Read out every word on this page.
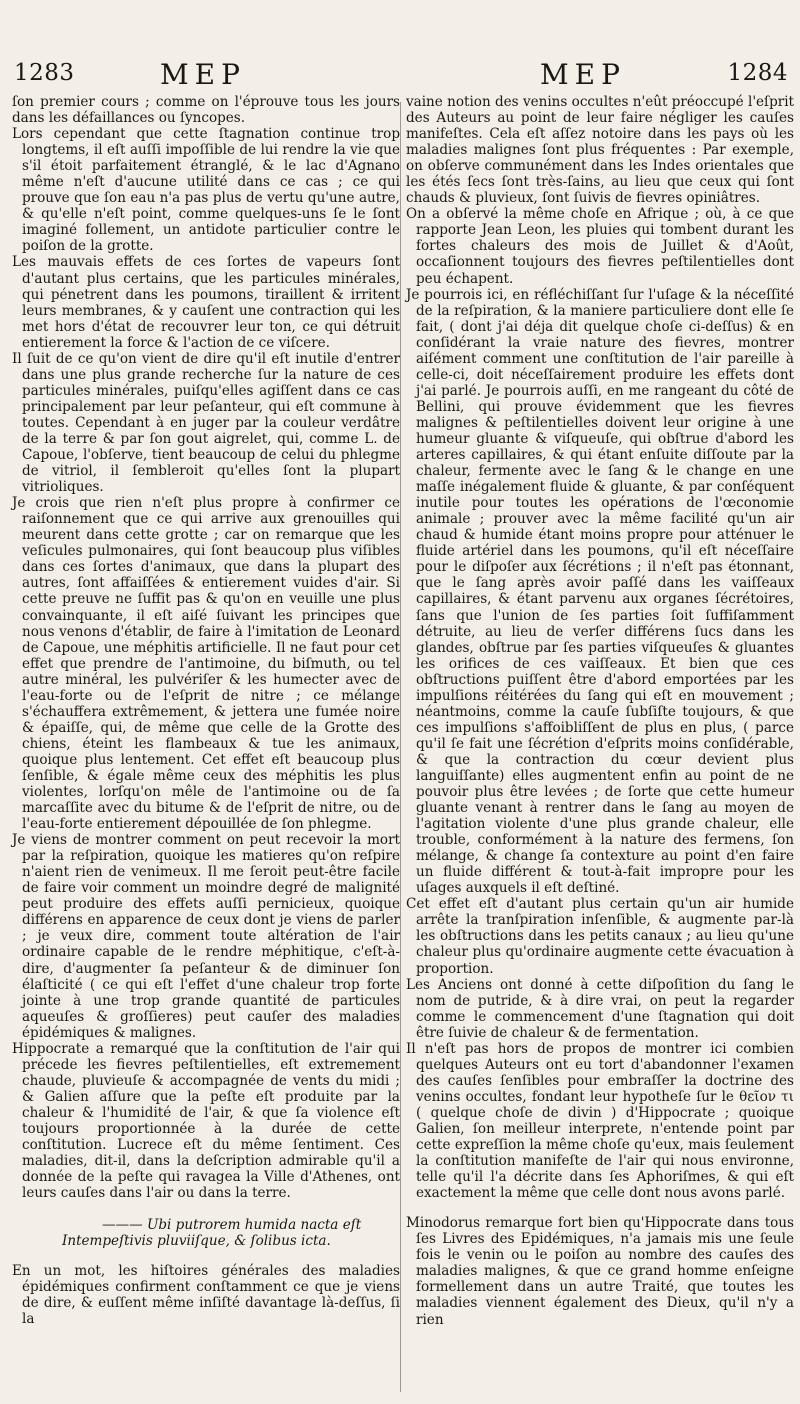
1283	MEP	MEP	1284

ſon premier cours ; comme on l'éprouve tous les jours dans les défaillances ou ſyncopes.

Lors cependant que cette ſtagnation continue trop longtems, il eſt auſſi impoſſible de lui rendre la vie que s'il étoit parfaitement étranglé, & le lac d'Agnano même n'eſt d'aucune utilité dans ce cas ; ce qui prouve que ſon eau n'a pas plus de vertu qu'une autre, & qu'elle n'eſt point, comme quelques-uns ſe le ſont imaginé follement, un antidote particulier contre le poiſon de la grotte.

Les mauvais effets de ces ſortes de vapeurs ſont d'autant plus certains, que les particules minérales, qui pénetrent dans les poumons, tiraillent & irritent leurs membranes, & y cauſent une contraction qui les met hors d'état de recouvrer leur ton, ce qui détruit entierement la force & l'action de ce viſcere.

Il ſuit de ce qu'on vient de dire qu'il eſt inutile d'entrer dans une plus grande recherche ſur la nature de ces particules minérales, puiſqu'elles agiſſent dans ce cas principalement par leur peſanteur, qui eſt commune à toutes. Cependant à en juger par la couleur verdâtre de la terre & par ſon gout aigrelet, qui, comme L. de Capoue, l'obſerve, tient beaucoup de celui du phlegme de vitriol, il ſembleroit qu'elles ſont la plupart vitrioliques.

Je crois que rien n'eſt plus propre à confirmer ce raiſonnement que ce qui arrive aux grenouilles qui meurent dans cette grotte ; car on remarque que les veſicules pulmonaires, qui ſont beaucoup plus viſibles dans ces ſortes d'animaux, que dans la plupart des autres, ſont affaiſſées & entierement vuides d'air. Si cette preuve ne ſuffit pas & qu'on en veuille une plus convainquante, il eſt aiſé ſuivant les principes que nous venons d'établir, de faire à l'imitation de Leonard de Capoue, une méphitis artificielle. Il ne faut pour cet effet que prendre de l'antimoine, du biſmuth, ou tel autre minéral, les pulvériſer & les humecter avec de l'eau-forte ou de l'eſprit de nitre ; ce mélange s'échauffera extrêmement, & jettera une fumée noire & épaiſſe, qui, de même que celle de la Grotte des chiens, éteint les flambeaux & tue les animaux, quoique plus lentement. Cet effet eſt beaucoup plus ſenſible, & égale même ceux des méphitis les plus violentes, lorſqu'on mêle de l'antimoine ou de ſa marcaſſite avec du bitume & de l'eſprit de nitre, ou de l'eau-forte entierement dépouillée de ſon phlegme.

Je viens de montrer comment on peut recevoir la mort par la reſpiration, quoique les matieres qu'on reſpire n'aient rien de venimeux. Il me ſeroit peut-être facile de faire voir comment un moindre degré de malignité peut produire des effets auſſi pernicieux, quoique différens en apparence de ceux dont je viens de parler ; je veux dire, comment toute altération de l'air ordinaire capable de le rendre méphitique, c'eſt-à-dire, d'augmenter ſa peſanteur & de diminuer ſon élaſticité ( ce qui eſt l'effet d'une chaleur trop forte jointe à une trop grande quantité de particules aqueuſes & groſſieres) peut cauſer des maladies épidémiques & malignes.

Hippocrate a remarqué que la conſtitution de l'air qui précede les fievres peſtilentielles, eſt extremement chaude, pluvieuſe & accompagnée de vents du midi ; & Galien aſſure que la peſte eſt produite par la chaleur & l'humidité de l'air, & que ſa violence eſt toujours proportionnée à la durée de cette conſtitution. Lucrece eſt du même ſentiment. Ces maladies, dit-il, dans la deſcription admirable qu'il a donnée de la peſte qui ravagea la Ville d'Athenes, ont leurs cauſes dans l'air ou dans la terre.

——— Ubi putrorem humida nacta eſt
Intempeſtivis pluviiſque, & ſolibus icta.

En un mot, les hiſtoires générales des maladies épidémiques confirment conſtamment ce que je viens de dire, & euſſent même inſiſté davantage là-deſſus, ſi la

vaine notion des venins occultes n'eût préoccupé l'eſprit des Auteurs au point de leur faire négliger les cauſes manifeſtes. Cela eſt aſſez notoire dans les pays où les maladies malignes ſont plus fréquentes : Par exemple, on obſerve communément dans les Indes orientales que les étés ſecs ſont très-ſains, au lieu que ceux qui ſont chauds & pluvieux, ſont ſuivis de fievres opiniâtres.

On a obſervé la même choſe en Afrique ; où, à ce que rapporte Jean Leon, les pluies qui tombent durant les fortes chaleurs des mois de Juillet & d'Août, occaſionnent toujours des fievres peſtilentielles dont peu échapent.

Je pourrois ici, en réfléchiſſant ſur l'uſage & la néceſſité de la reſpiration, & la maniere particuliere dont elle ſe fait, ( dont j'ai déja dit quelque choſe ci-deſſus) & en conſidérant la vraie nature des fievres, montrer aiſément comment une conſtitution de l'air pareille à celle-ci, doit néceſſairement produire les effets dont j'ai parlé. Je pourrois auſſi, en me rangeant du côté de Bellini, qui prouve évidemment que les fievres malignes & peſtilentielles doivent leur origine à une humeur gluante & viſqueuſe, qui obſtrue d'abord les arteres capillaires, & qui étant enſuite diſſoute par la chaleur, fermente avec le ſang & le change en une maſſe inégalement fluide & gluante, & par conſéquent inutile pour toutes les opérations de l'œconomie animale ; prouver avec la même facilité qu'un air chaud & humide étant moins propre pour atténuer le fluide artériel dans les poumons, qu'il eſt néceſſaire pour le diſpoſer aux ſécrétions ; il n'eſt pas étonnant, que le ſang après avoir paſſé dans les vaiſſeaux capillaires, & étant parvenu aux organes ſécrétoires, ſans que l'union de ſes parties ſoit ſuffiſamment détruite, au lieu de verſer différens ſucs dans les glandes, obſtrue par ſes parties viſqueuſes & gluantes les orifices de ces vaiſſeaux. Et bien que ces obſtructions puiſſent être d'abord emportées par les impulſions réitérées du ſang qui eſt en mouvement ; néantmoins, comme la cauſe ſubſiſte toujours, & que ces impulſions s'affoibliſſent de plus en plus, ( parce qu'il ſe fait une ſécrétion d'eſprits moins conſidérable, & que la contraction du cœur devient plus languiſſante) elles augmentent enfin au point de ne pouvoir plus être levées ; de ſorte que cette humeur gluante venant à rentrer dans le ſang au moyen de l'agitation violente d'une plus grande chaleur, elle trouble, conformément à la nature des fermens, ſon mélange, & change ſa contexture au point d'en faire un fluide différent & tout-à-fait impropre pour les uſages auxquels il eſt deſtiné.

Cet effet eſt d'autant plus certain qu'un air humide arrête la tranſpiration inſenſible, & augmente par-là les obſtructions dans les petits canaux ; au lieu qu'une chaleur plus qu'ordinaire augmente cette évacuation à proportion.

Les Anciens ont donné à cette diſpoſition du ſang le nom de putride, & à dire vrai, on peut la regarder comme le commencement d'une ſtagnation qui doit être ſuivie de chaleur & de fermentation.

Il n'eſt pas hors de propos de montrer ici combien quelques Auteurs ont eu tort d'abandonner l'examen des cauſes ſenſibles pour embraſſer la doctrine des venins occultes, fondant leur hypotheſe ſur le θεῖον τι ( quelque choſe de divin ) d'Hippocrate ; quoique Galien, ſon meilleur interprete, n'entende point par cette expreſſion la même choſe qu'eux, mais ſeulement la conſtitution manifeſte de l'air qui nous environne, telle qu'il l'a décrite dans ſes Aphoriſmes, & qui eſt exactement la même que celle dont nous avons parlé.

Minodorus remarque fort bien qu'Hippocrate dans tous ſes Livres des Epidémiques, n'a jamais mis une ſeule fois le venin ou le poiſon au nombre des cauſes des maladies malignes, & que ce grand homme enſeigne formellement dans un autre Traité, que toutes les maladies viennent également des Dieux, qu'il n'y a rien
